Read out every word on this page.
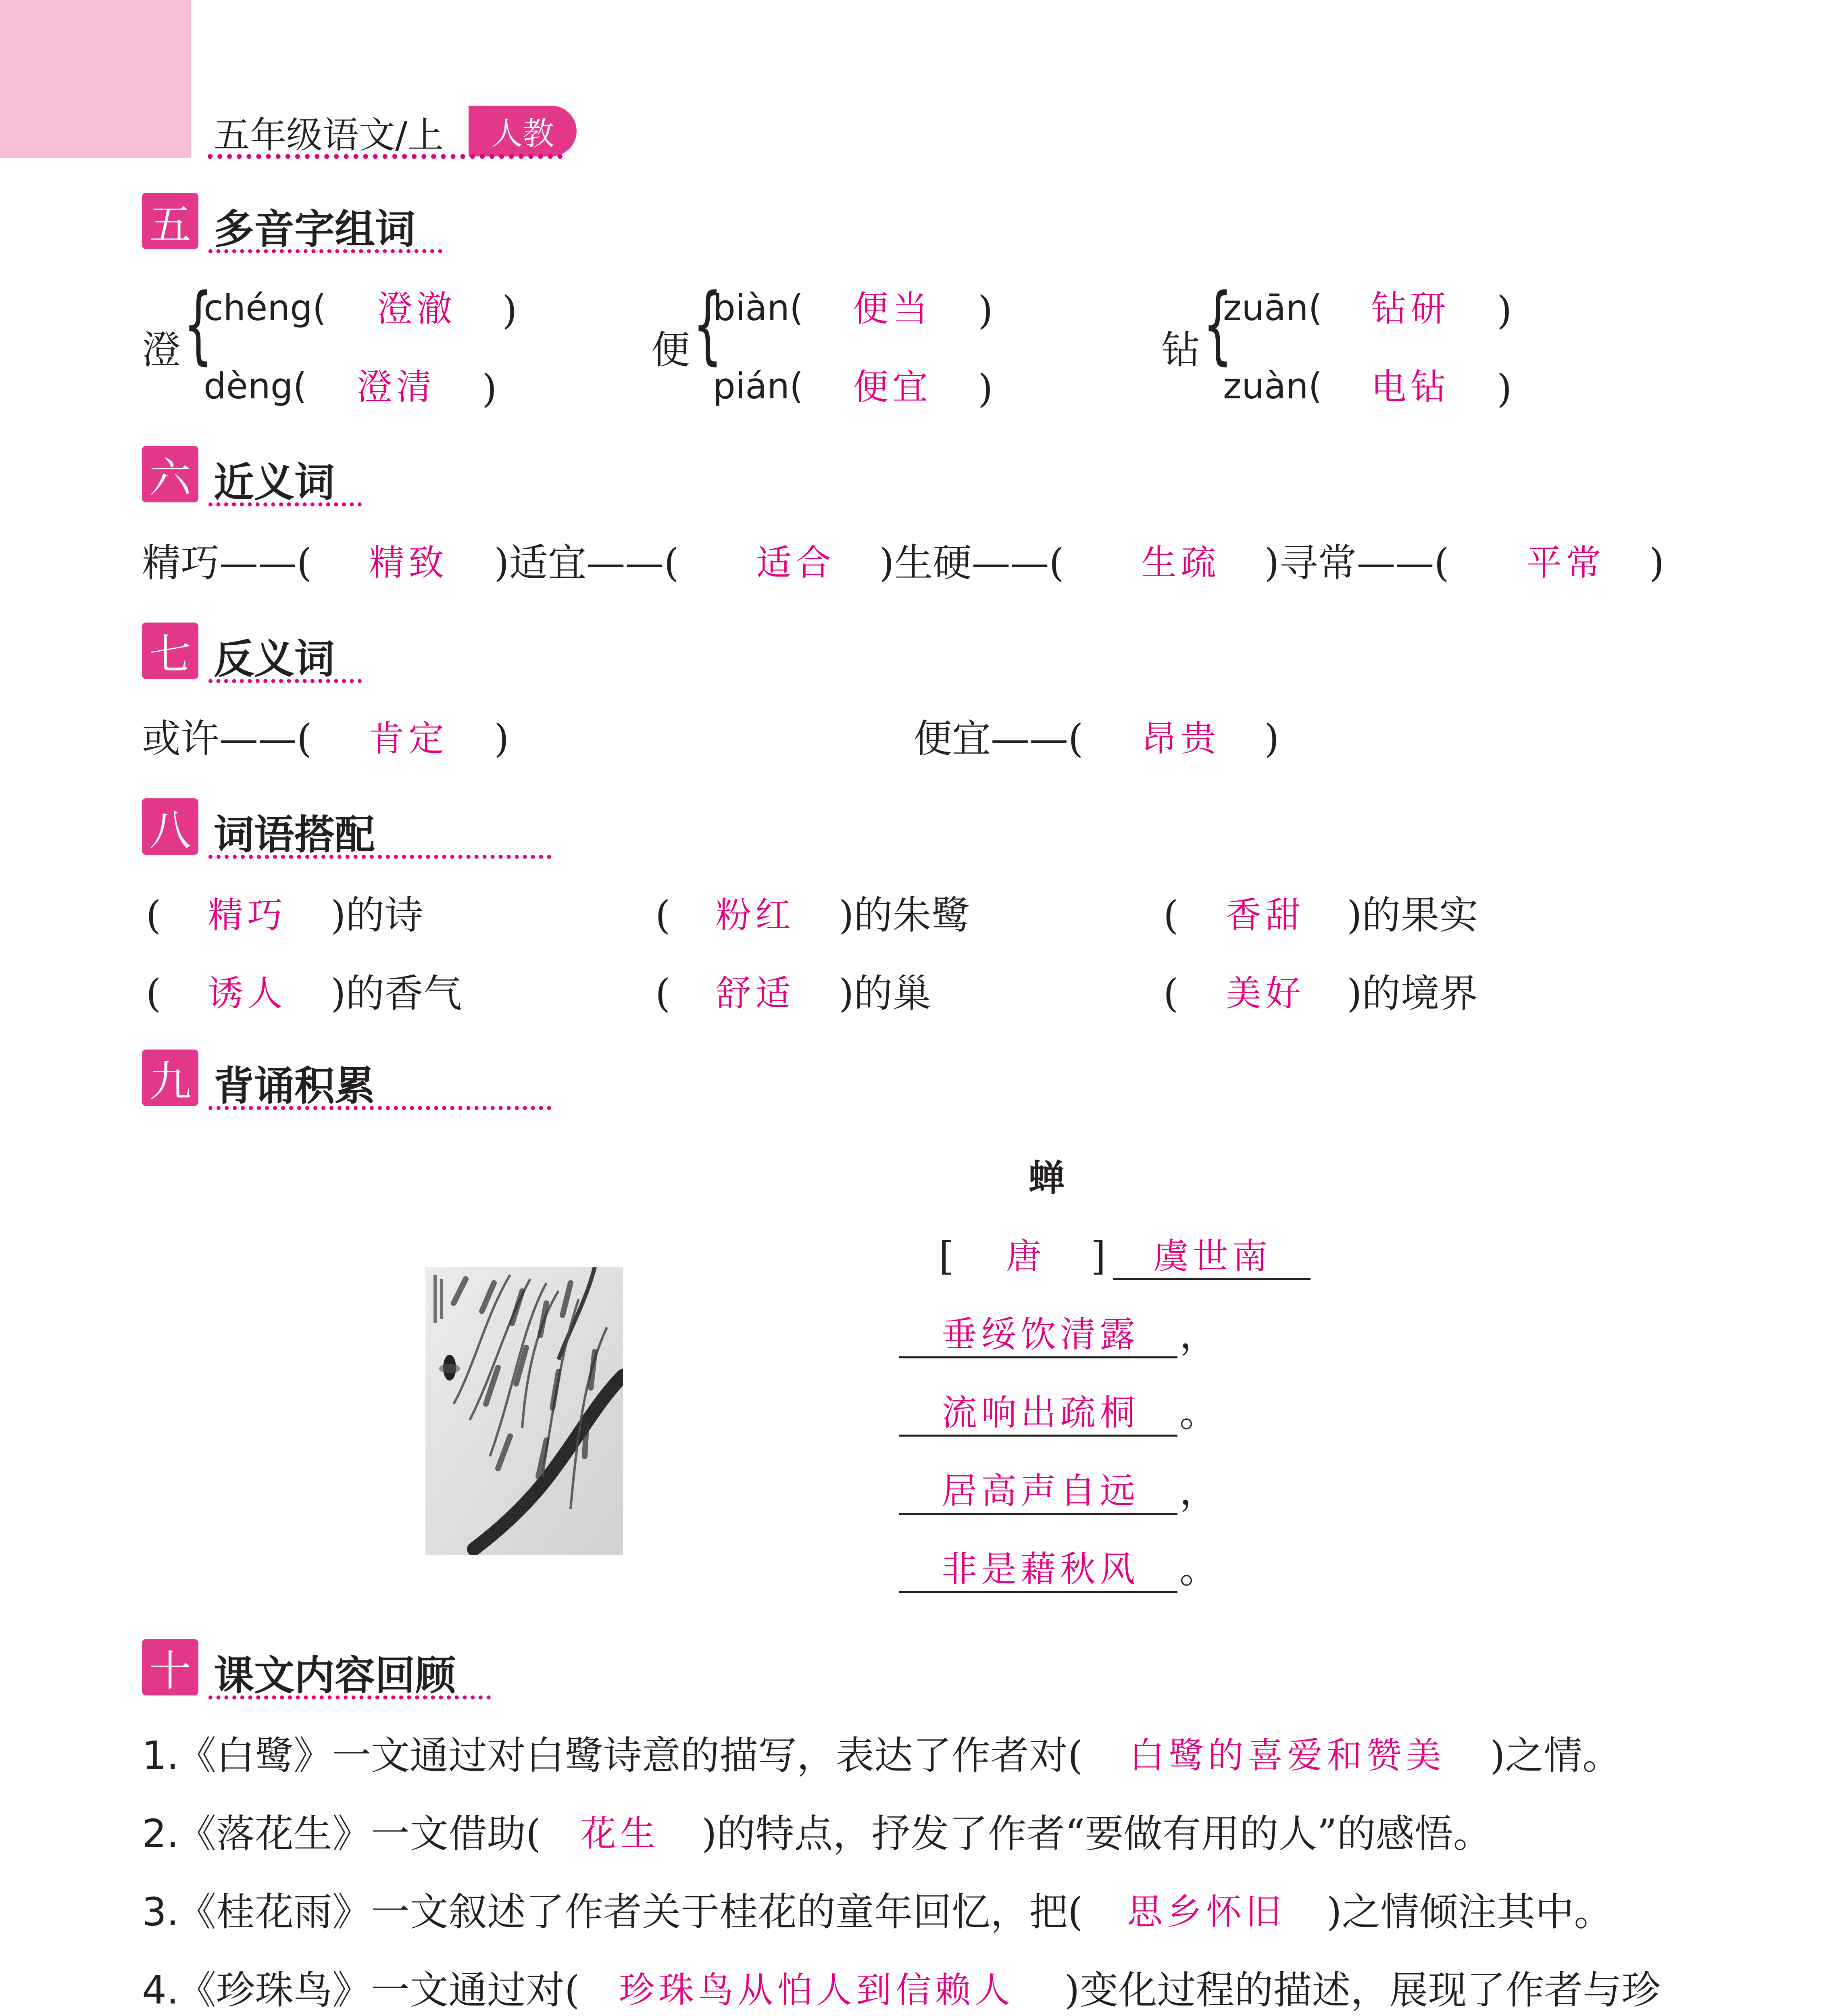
五年级语文/上	人教
五 多音字组词
澄 {
chéng( 澄澈 )
dèng( 澄清 )
便 {
biàn( 便当 )
pián( 便宜 )
钻 {
zuān( 钻研 )
zuàn( 电钻 )
六 近义词
精巧——( 精致 )适宜——( 适合 )生硬——( 生疏 )寻常——( 平常 )
七 反义词
或许——( 肯定 )	便宜——( 昂贵 )
八 词语搭配
( 精巧 )的诗	( 粉红 )的朱鹭	( 香甜 )的果实
( 诱人 )的香气	( 舒适 )的巢	( 美好 )的境界
九 背诵积累
蝉
[ 唐 ] 虞世南
垂绥饮清露 ，
流响出疏桐 。
居高声自远 ，
非是藉秋风 。
十 课文内容回顾
1.
《白鹭》一文通过对白鹭诗意的描写，表达了作者对( 白鹭的喜爱和赞美 )之情。
2.
《落花生》一文借助( 花生 )的特点，抒发了作者“要做有用的人”的感悟。
3.
《桂花雨》一文叙述了作者关于桂花的童年回忆，把( 思乡怀旧 )之情倾注其中。
4.
《珍珠鸟》一文通过对( 珍珠鸟从怕人到信赖人 )变化过程的描述，展现了作者与珍
